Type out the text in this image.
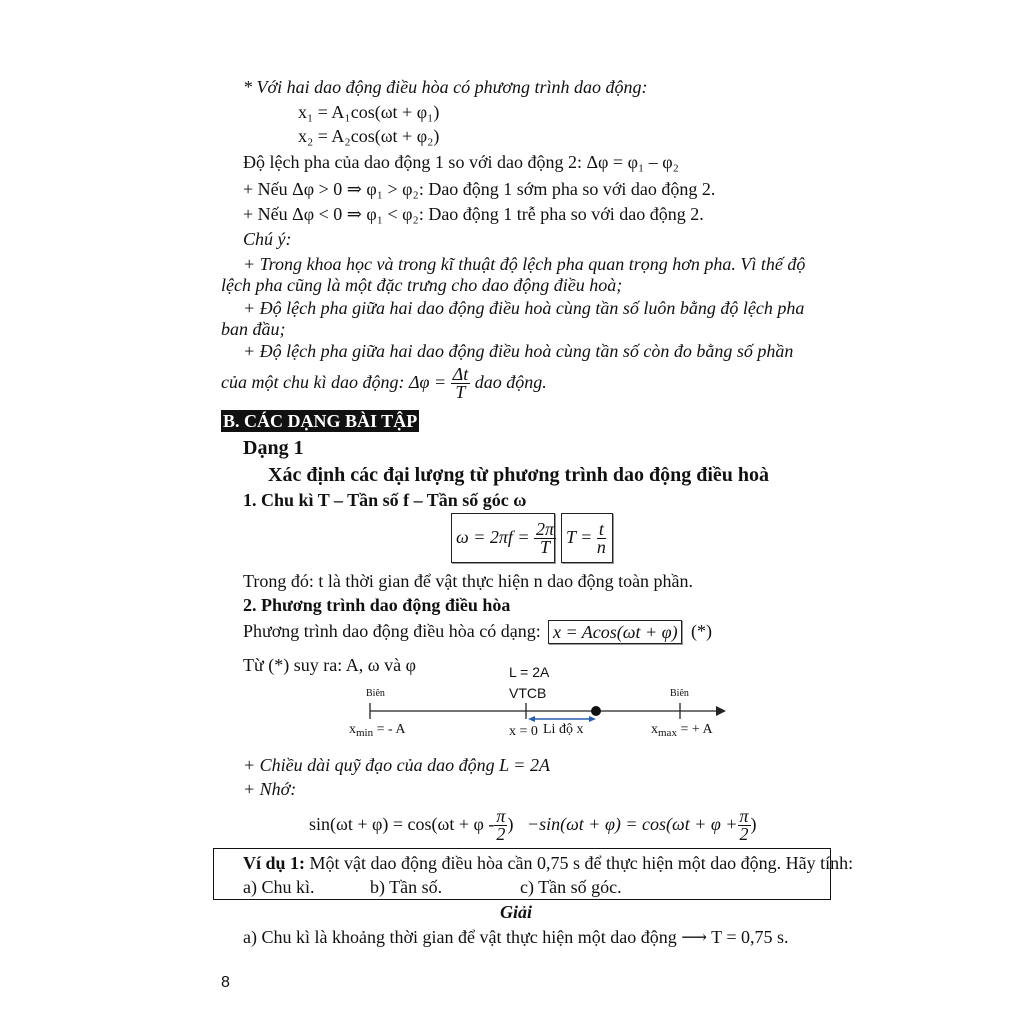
* Với hai dao động điều hòa có phương trình dao động:
x₁ = A₁cos(ωt + φ₁)
x₂ = A₂cos(ωt + φ₂)
Độ lệch pha của dao động 1 so với dao động 2: Δφ = φ₁ – φ₂
+ Nếu Δφ > 0 ⇒ φ₁ > φ₂: Dao động 1 sớm pha so với dao động 2.
+ Nếu Δφ < 0 ⇒ φ₁ < φ₂: Dao động 1 trễ pha so với dao động 2.
Chú ý:
+ Trong khoa học và trong kĩ thuật độ lệch pha quan trọng hơn pha. Vì thế độ
lệch pha cũng là một đặc trưng cho dao động điều hoà;
+ Độ lệch pha giữa hai dao động điều hoà cùng tần số luôn bằng độ lệch pha
ban đầu;
+ Độ lệch pha giữa hai dao động điều hoà cùng tần số còn đo bằng số phần
của một chu kì dao động: $\Delta\varphi = \frac{\Delta t}{T}$ dao động.
B. CÁC DẠNG BÀI TẬP
Dạng 1
Xác định các đại lượng từ phương trình dao động điều hoà
1. Chu kì T – Tần số f – Tần số góc ω
$\omega = 2\pi f = \frac{2\pi}{T}$ $T = \frac{t}{n}$
Trong đó: t là thời gian để vật thực hiện n dao động toàn phần.
2. Phương trình dao động điều hòa
Phương trình dao động điều hòa có dạng: x = Acos(ωt + φ) (*)
Từ (*) suy ra: A, ω và φ	L = 2A
Biên	VTCB	Biên
$x_{min}$ = - A	x = 0 Li độ x	$x_{max}$ = + A
+ Chiều dài quỹ đạo của dao động L = 2A
+ Nhớ:
$\sin(\omega t + \varphi) = \cos(\omega t + \varphi - \frac{\pi}{2}$ ) $-\sin(\omega t + \varphi) = \cos(\omega t + \varphi + \frac{\pi}{2}$ )
Ví dụ 1: Một vật dao động điều hòa cần 0,75 s để thực hiện một dao động. Hãy tính:
a) Chu kì.	b) Tần số.	c) Tần số góc.
Giải
a) Chu kì là khoảng thời gian để vật thực hiện một dao động ⟶ T = 0,75 s.
8
